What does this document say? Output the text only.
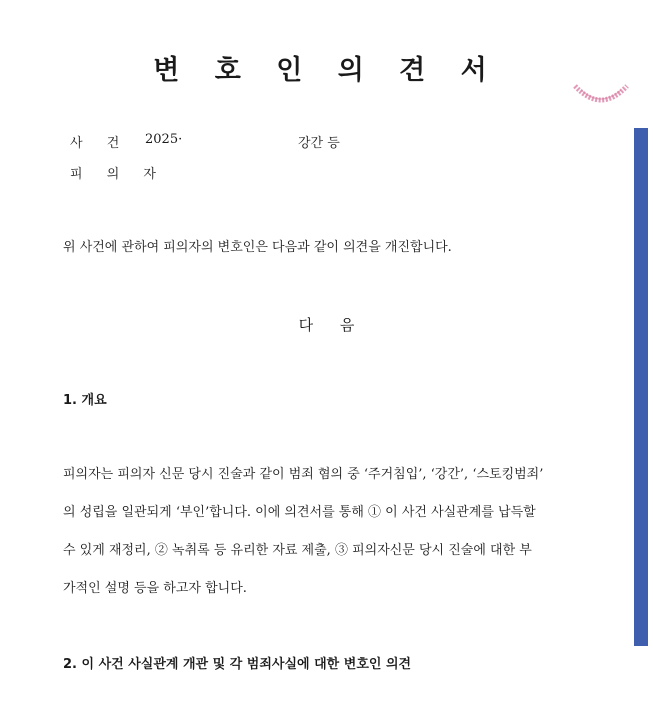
변 호 인 의 견 서
사 건 2025·	강간 등
피 의 자
위 사건에 관하여 피의자의 변호인은 다음과 같이 의견을 개진합니다.
다 음
1. 개요
피의자는 피의자 신문 당시 진술과 같이 범죄 혐의 중 ‘주거침입’, ‘강간’, ‘스토킹범죄’
의 성립을 일관되게 ‘부인’합니다. 이에 의견서를 통해 ① 이 사건 사실관계를 납득할
수 있게 재정리, ② 녹취록 등 유리한 자료 제출, ③ 피의자신문 당시 진술에 대한 부
가적인 설명 등을 하고자 합니다.
2. 이 사건 사실관계 개관 및 각 범죄사실에 대한 변호인 의견
